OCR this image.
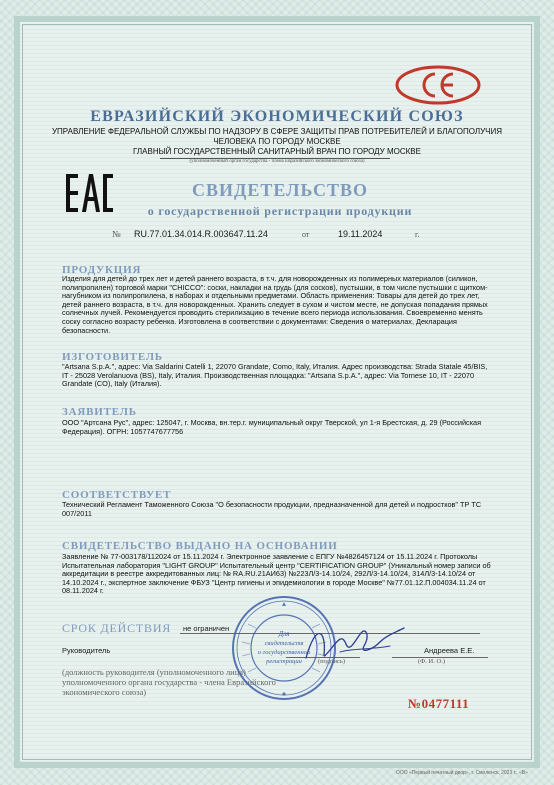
ЕВРАЗИЙСКИЙ ЭКОНОМИЧЕСКИЙ СОЮЗ
УПРАВЛЕНИЕ ФЕДЕРАЛЬНОЙ СЛУЖБЫ ПО НАДЗОРУ В СФЕРЕ ЗАЩИТЫ ПРАВ ПОТРЕБИТЕЛЕЙ И БЛАГОПОЛУЧИЯ
ЧЕЛОВЕКА ПО ГОРОДУ МОСКВЕ
ГЛАВНЫЙ ГОСУДАРСТВЕННЫЙ САНИТАРНЫЙ ВРАЧ ПО ГОРОДУ МОСКВЕ
(уполномоченный орган государства - члена Евразийского экономического союза)
СВИДЕТЕЛЬСТВО
о государственной регистрации продукции
№ RU.77.01.34.014.R.003647.11.24	от	19.11.2024	г.
ПРОДУКЦИЯ
Изделия для детей до трех лет и детей раннего возраста, в т.ч. для новорожденных из полимерных материалов (силикон, полипропилен) торговой марки "CHICCO": соски, накладки на грудь (для сосков), пустышки, в том числе пустышки с щитком-нагубником из полипропилена, в наборах и отдельными предметами. Область применения: Товары для детей до трех лет, детей раннего возраста, в т.ч. для новорожденных. Хранить следует в сухом и чистом месте, не допуская попадания прямых солнечных лучей. Рекомендуется проводить стерилизацию в течение всего периода использования. Своевременно менять соску согласно возрасту ребенка. Изготовлена в соответствии с документами: Сведения о материалах, Декларация безопасности.
ИЗГОТОВИТЕЛЬ
"Artsana S.p.A.", адрес: Via Saldarini Catelli 1, 22070 Grandate, Como, Italy, Италия. Адрес производства: Strada Statale 45/BIS, IT - 25028 Verolanuova (BS), Italy, Италия. Производственная площадка: "Artsana S.p.A.", адрес: Via Tornese 10, IT - 22070 Grandate (CO), Italy (Италия).
ЗАЯВИТЕЛЬ
ООО "Артсана Рус", адрес: 125047, г. Москва, вн.тер.г. муниципальный округ Тверской, ул 1-я Брестская, д. 29 (Российская Федерация). ОГРН: 1057747677756
СООТВЕТСТВУЕТ
Технический Регламент Таможенного Союза "О безопасности продукции, предназначенной для детей и подростков" ТР ТС 007/2011
СВИДЕТЕЛЬСТВО ВЫДАНО НА ОСНОВАНИИ
Заявление № 77-003178/112024 от 15.11.2024 г. Электронное заявление с ЕПГУ №4826457124 от 15.11.2024 г. Протоколы Испытательная лаборатория "LIGHT GROUP" Испытательный центр "CERTIFICATION GROUP" (Уникальный номер записи об аккредитации в реестре аккредитованных лиц: № RA.RU.21АИ63) №223Л/3-14.10/24, 292Л/3-14.10/24, 314Л/3-14.10/24 от 14.10.2024 г., экспертное заключение ФБУЗ "Центр гигиены и эпидемиологии в городе Москве" №77.01.12.П.004034.11.24 от 08.11.2024 г.
СРОК ДЕЙСТВИЯ не ограничен
Руководитель	Андреева Е.Е.
(подпись)	(Ф. И. О.)
(должность руководителя (уполномоченного лица) уполномоченного органа государства - члена Евразийского экономического союза)
Для
свидетельств
о государственной
регистрации
№0477111
ООО «Первый печатный двор», г. Смоленск, 2023 г., «В»
